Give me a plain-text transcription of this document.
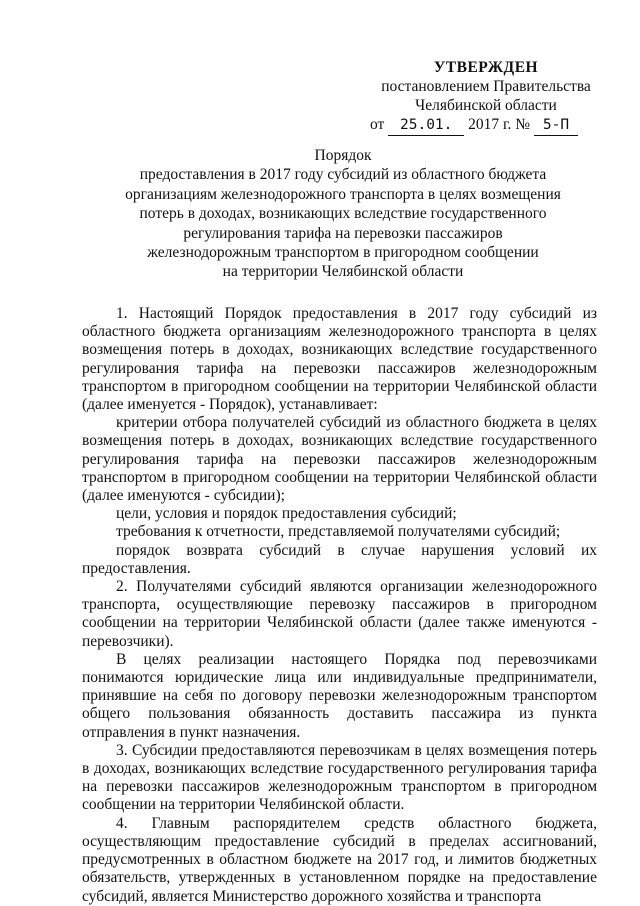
УТВЕРЖДЕН
постановлением Правительства
Челябинской области
от 25.01. 2017 г. № 5-П
Порядок
предоставления в 2017 году субсидий из областного бюджета
организациям железнодорожного транспорта в целях возмещения
потерь в доходах, возникающих вследствие государственного
регулирования тарифа на перевозки пассажиров
железнодорожным транспортом в пригородном сообщении
на территории Челябинской области

1. Настоящий Порядок предоставления в 2017 году субсидий из областного бюджета организациям железнодорожного транспорта в целях возмещения потерь в доходах, возникающих вследствие государственного регулирования тарифа на перевозки пассажиров железнодорожным транспортом в пригородном сообщении на территории Челябинской области (далее именуется - Порядок), устанавливает:

критерии отбора получателей субсидий из областного бюджета в целях возмещения потерь в доходах, возникающих вследствие государственного регулирования тарифа на перевозки пассажиров железнодорожным транспортом в пригородном сообщении на территории Челябинской области (далее именуются - субсидии);

цели, условия и порядок предоставления субсидий;

требования к отчетности, представляемой получателями субсидий;

порядок возврата субсидий в случае нарушения условий их предоставления.

2. Получателями субсидий являются организации железнодорожного транспорта, осуществляющие перевозку пассажиров в пригородном сообщении на территории Челябинской области (далее также именуются - перевозчики).

В целях реализации настоящего Порядка под перевозчиками понимаются юридические лица или индивидуальные предприниматели, принявшие на себя по договору перевозки железнодорожным транспортом общего пользования обязанность доставить пассажира из пункта отправления в пункт назначения.

3. Субсидии предоставляются перевозчикам в целях возмещения потерь в доходах, возникающих вследствие государственного регулирования тарифа на перевозки пассажиров железнодорожным транспортом в пригородном сообщении на территории Челябинской области.

4. Главным распорядителем средств областного бюджета, осуществляющим предоставление субсидий в пределах ассигнований, предусмотренных в областном бюджете на 2017 год, и лимитов бюджетных обязательств, утвержденных в установленном порядке на предоставление субсидий, является Министерство дорожного хозяйства и транспорта
